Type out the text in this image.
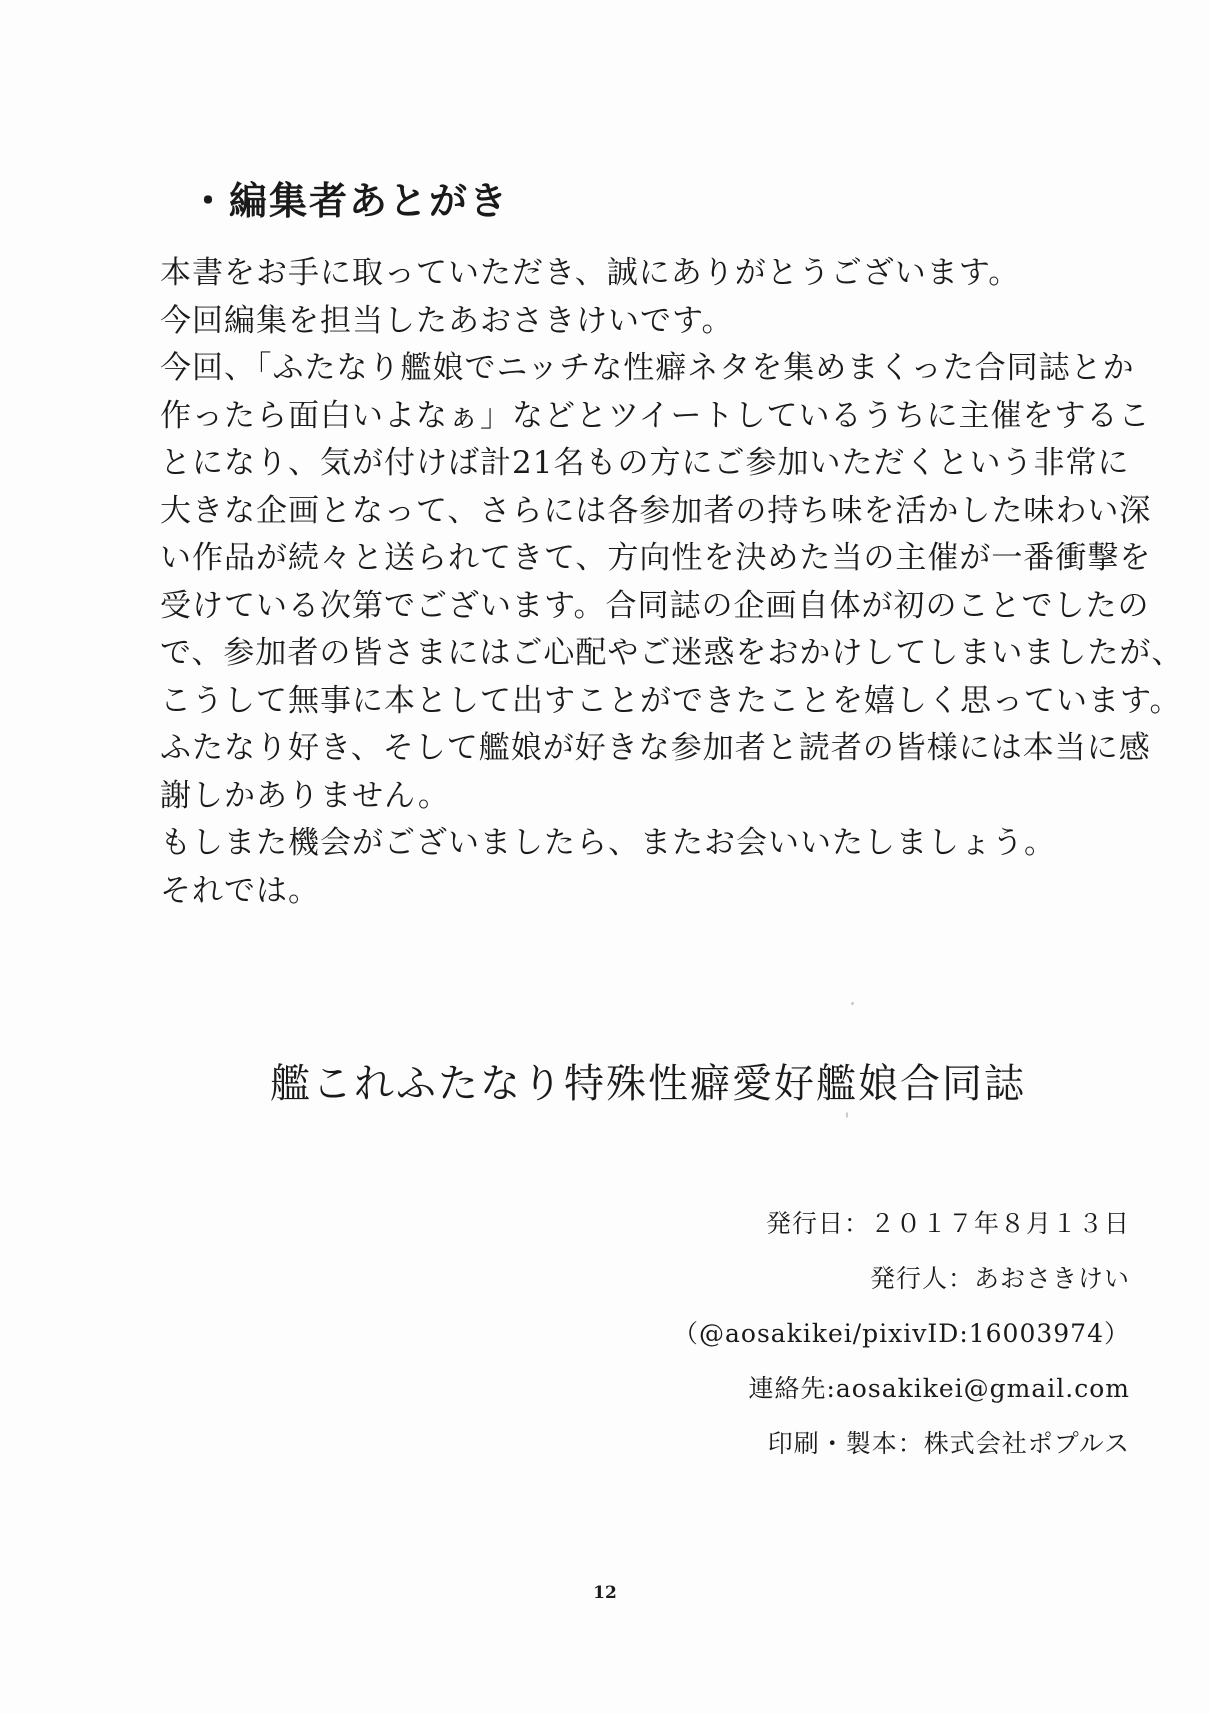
・編集者あとがき
本書をお手に取っていただき、誠にありがとうございます。
今回編集を担当したあおさきけいです。
今回、「ふたなり艦娘でニッチな性癖ネタを集めまくった合同誌とか
作ったら面白いよなぁ」などとツイートしているうちに主催をするこ
とになり、気が付けば計21名もの方にご参加いただくという非常に
大きな企画となって、さらには各参加者の持ち味を活かした味わい深
い作品が続々と送られてきて、方向性を決めた当の主催が一番衝撃を
受けている次第でございます。合同誌の企画自体が初のことでしたの
で、参加者の皆さまにはご心配やご迷惑をおかけしてしまいましたが、
こうして無事に本として出すことができたことを嬉しく思っています。
ふたなり好き、そして艦娘が好きな参加者と読者の皆様には本当に感
謝しかありません。
もしまた機会がございましたら、またお会いいたしましょう。
それでは。
艦これふたなり特殊性癖愛好艦娘合同誌
発行日：２０１７年８月１３日
発行人：あおさきけい
（@aosakikei/pixivID:16003974）
連絡先:aosakikei@gmail.com
印刷・製本：株式会社ポプルス
12
